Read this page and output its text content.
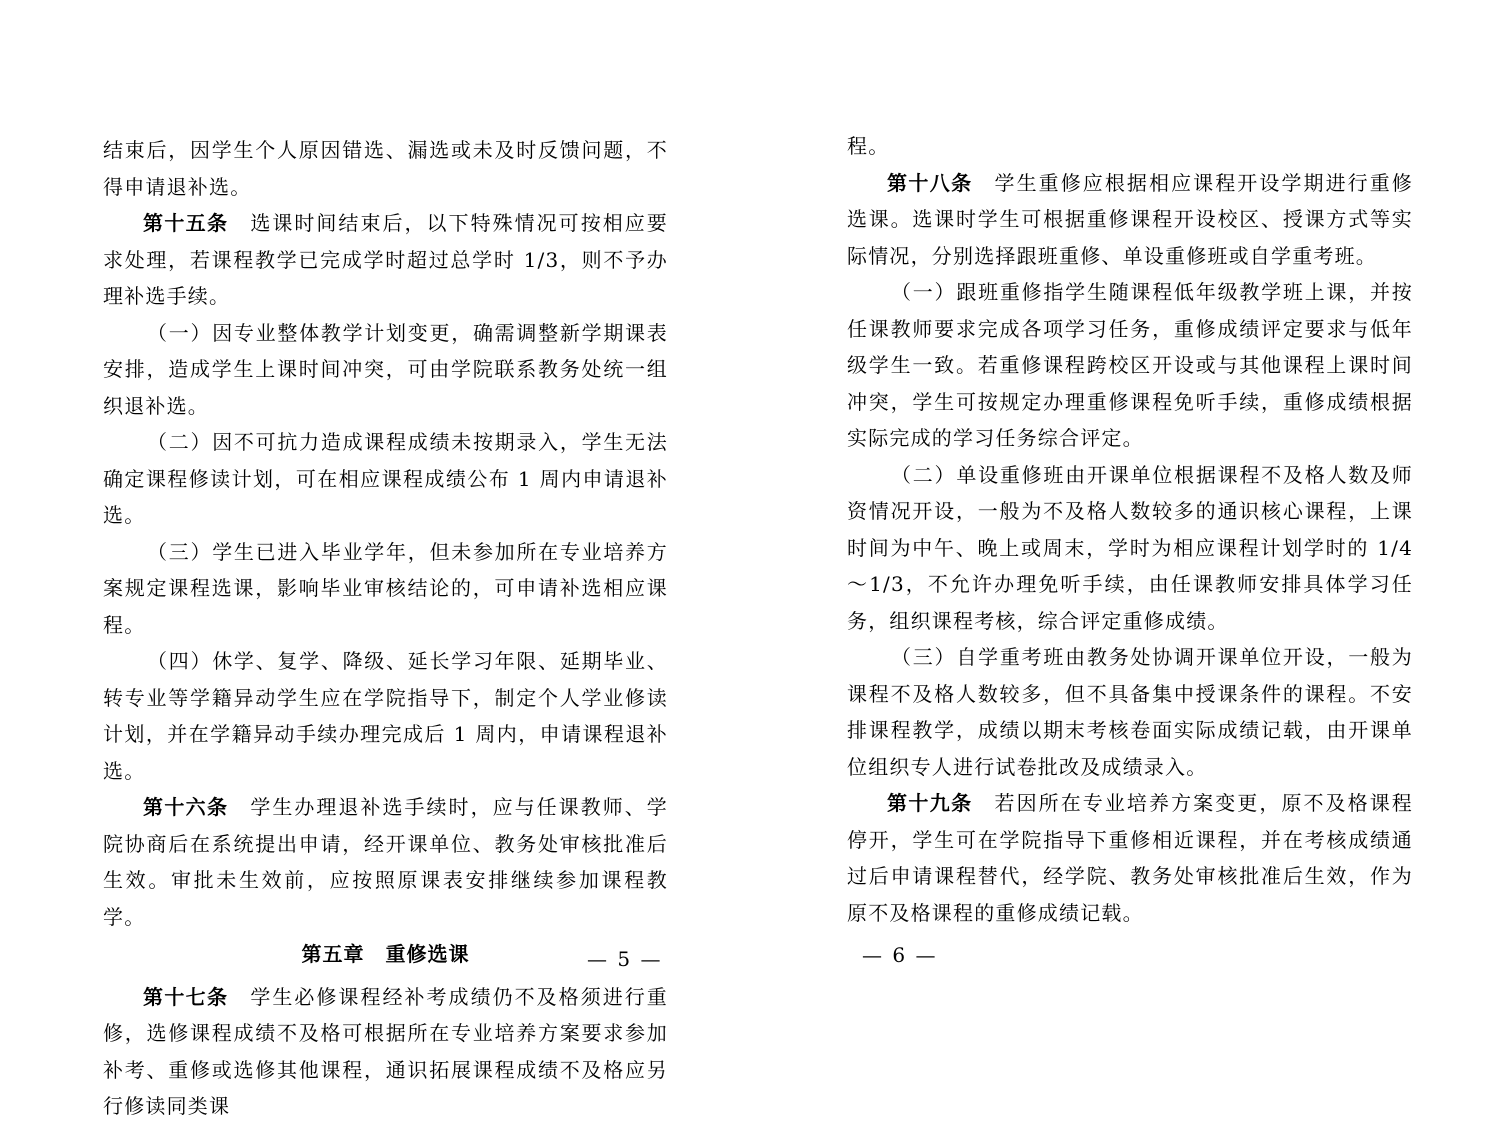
结束后，因学生个人原因错选、漏选或未及时反馈问题，不得申请退补选。

第十五条 选课时间结束后，以下特殊情况可按相应要求处理，若课程教学已完成学时超过总学时 1/3，则不予办理补选手续。

（一）因专业整体教学计划变更，确需调整新学期课表安排，造成学生上课时间冲突，可由学院联系教务处统一组织退补选。

（二）因不可抗力造成课程成绩未按期录入，学生无法确定课程修读计划，可在相应课程成绩公布 1 周内申请退补选。

（三）学生已进入毕业学年，但未参加所在专业培养方案规定课程选课，影响毕业审核结论的，可申请补选相应课程。

（四）休学、复学、降级、延长学习年限、延期毕业、转专业等学籍异动学生应在学院指导下，制定个人学业修读计划，并在学籍异动手续办理完成后 1 周内，申请课程退补选。

第十六条 学生办理退补选手续时，应与任课教师、学院协商后在系统提出申请，经开课单位、教务处审核批准后生效。审批未生效前，应按照原课表安排继续参加课程教学。

第五章　重修选课

第十七条 学生必修课程经补考成绩仍不及格须进行重修，选修课程成绩不及格可根据所在专业培养方案要求参加补考、重修或选修其他课程，通识拓展课程成绩不及格应另行修读同类课

— 5 —

程。

第十八条 学生重修应根据相应课程开设学期进行重修选课。选课时学生可根据重修课程开设校区、授课方式等实际情况，分别选择跟班重修、单设重修班或自学重考班。

（一）跟班重修指学生随课程低年级教学班上课，并按任课教师要求完成各项学习任务，重修成绩评定要求与低年级学生一致。若重修课程跨校区开设或与其他课程上课时间冲突，学生可按规定办理重修课程免听手续，重修成绩根据实际完成的学习任务综合评定。

（二）单设重修班由开课单位根据课程不及格人数及师资情况开设，一般为不及格人数较多的通识核心课程，上课时间为中午、晚上或周末，学时为相应课程计划学时的 1/4～1/3，不允许办理免听手续，由任课教师安排具体学习任务，组织课程考核，综合评定重修成绩。

（三）自学重考班由教务处协调开课单位开设，一般为课程不及格人数较多，但不具备集中授课条件的课程。不安排课程教学，成绩以期末考核卷面实际成绩记载，由开课单位组织专人进行试卷批改及成绩录入。

第十九条 若因所在专业培养方案变更，原不及格课程停开，学生可在学院指导下重修相近课程，并在考核成绩通过后申请课程替代，经学院、教务处审核批准后生效，作为原不及格课程的重修成绩记载。

— 6 —
